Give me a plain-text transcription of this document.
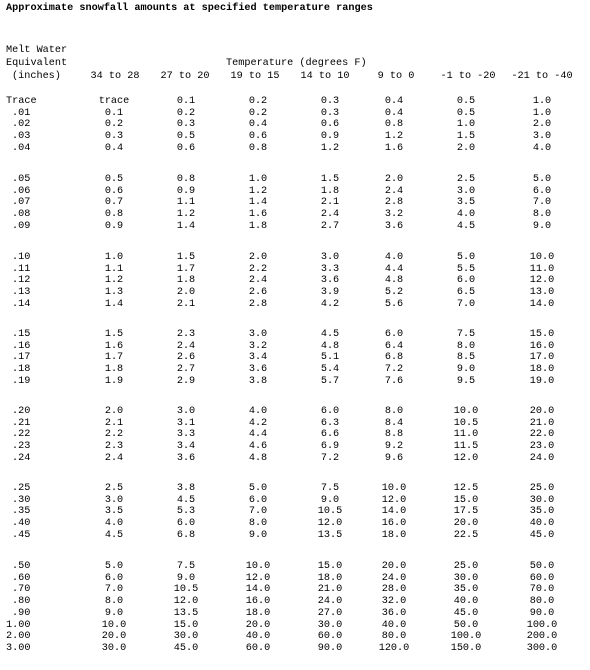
Approximate snowfall amounts at specified temperature ranges
Melt Water
Equivalent
(inches)
Temperature (degrees F)
34 to 28	27 to 20	19 to 15	14 to 10	9 to 0	-1 to -20	-21 to -40
Trace	trace	0.1	0.2	0.3	0.4	0.5	1.0
.01	0.1	0.2	0.2	0.3	0.4	0.5	1.0
.02	0.2	0.3	0.4	0.6	0.8	1.0	2.0
.03	0.3	0.5	0.6	0.9	1.2	1.5	3.0
.04	0.4	0.6	0.8	1.2	1.6	2.0	4.0
.05	0.5	0.8	1.0	1.5	2.0	2.5	5.0
.06	0.6	0.9	1.2	1.8	2.4	3.0	6.0
.07	0.7	1.1	1.4	2.1	2.8	3.5	7.0
.08	0.8	1.2	1.6	2.4	3.2	4.0	8.0
.09	0.9	1.4	1.8	2.7	3.6	4.5	9.0
.10	1.0	1.5	2.0	3.0	4.0	5.0	10.0
.11	1.1	1.7	2.2	3.3	4.4	5.5	11.0
.12	1.2	1.8	2.4	3.6	4.8	6.0	12.0
.13	1.3	2.0	2.6	3.9	5.2	6.5	13.0
.14	1.4	2.1	2.8	4.2	5.6	7.0	14.0
.15	1.5	2.3	3.0	4.5	6.0	7.5	15.0
.16	1.6	2.4	3.2	4.8	6.4	8.0	16.0
.17	1.7	2.6	3.4	5.1	6.8	8.5	17.0
.18	1.8	2.7	3.6	5.4	7.2	9.0	18.0
.19	1.9	2.9	3.8	5.7	7.6	9.5	19.0
.20	2.0	3.0	4.0	6.0	8.0	10.0	20.0
.21	2.1	3.1	4.2	6.3	8.4	10.5	21.0
.22	2.2	3.3	4.4	6.6	8.8	11.0	22.0
.23	2.3	3.4	4.6	6.9	9.2	11.5	23.0
.24	2.4	3.6	4.8	7.2	9.6	12.0	24.0
.25	2.5	3.8	5.0	7.5	10.0	12.5	25.0
.30	3.0	4.5	6.0	9.0	12.0	15.0	30.0
.35	3.5	5.3	7.0	10.5	14.0	17.5	35.0
.40	4.0	6.0	8.0	12.0	16.0	20.0	40.0
.45	4.5	6.8	9.0	13.5	18.0	22.5	45.0
.50	5.0	7.5	10.0	15.0	20.0	25.0	50.0
.60	6.0	9.0	12.0	18.0	24.0	30.0	60.0
.70	7.0	10.5	14.0	21.0	28.0	35.0	70.0
.80	8.0	12.0	16.0	24.0	32.0	40.0	80.0
.90	9.0	13.5	18.0	27.0	36.0	45.0	90.0
1.00	10.0	15.0	20.0	30.0	40.0	50.0	100.0
2.00	20.0	30.0	40.0	60.0	80.0	100.0	200.0
3.00	30.0	45.0	60.0	90.0	120.0	150.0	300.0
